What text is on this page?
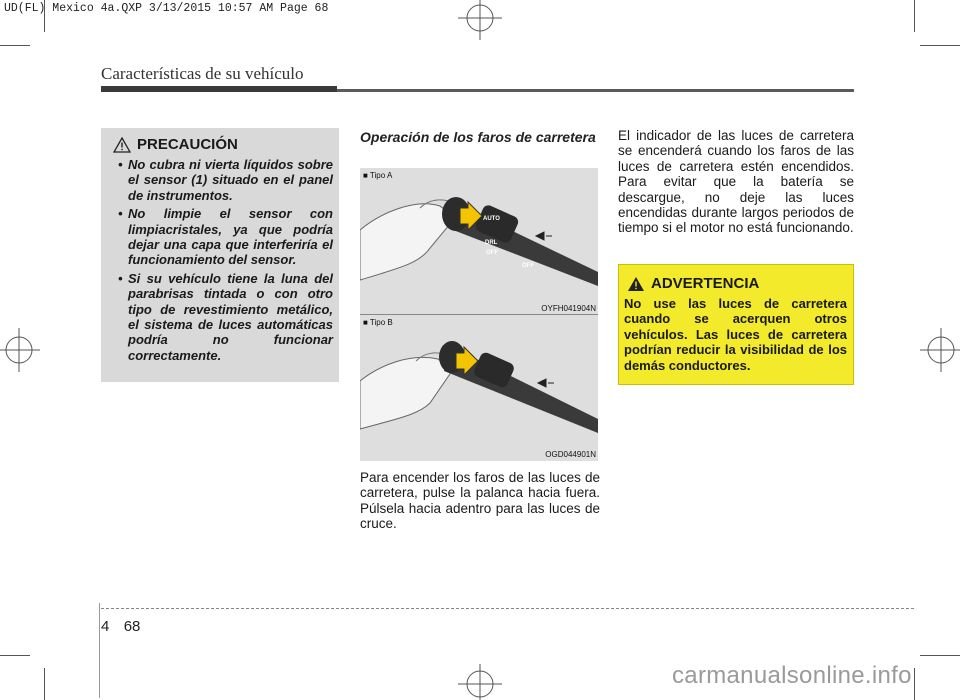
UD(FL) Mexico 4a.QXP 3/13/2015 10:57 AM Page 68
Características de su vehículo
PRECAUCIÓN
• No cubra ni vierta líquidos sobre el sensor (1) situado en el panel de instrumentos.
• No limpie el sensor con limpiacristales, ya que podría dejar una capa que interferiría el funcionamiento del sensor.
• Si su vehículo tiene la luna del parabrisas tintada o con otro tipo de revestimiento metálico, el sistema de luces automáticas podría no funcionar correctamente.
Operación de los faros de carretera
AUTO
DRL
OFF
OFF
■ Tipo A
OYFH041904N
■ Tipo B
OGD044901N
Para encender los faros de las luces de carretera, pulse la palanca hacia fuera. Púlsela hacia adentro para las luces de cruce.
El indicador de las luces de carretera se encenderá cuando los faros de las luces de carretera estén encendidos. Para evitar que la batería se descargue, no deje las luces encendidas durante largos periodos de tiempo si el motor no está funcionando.
ADVERTENCIA
No use las luces de carretera cuando se acerquen otros vehículos. Las luces de carretera podrían reducir la visibilidad de los demás conductores.
4 68
carmanualsonline.info
